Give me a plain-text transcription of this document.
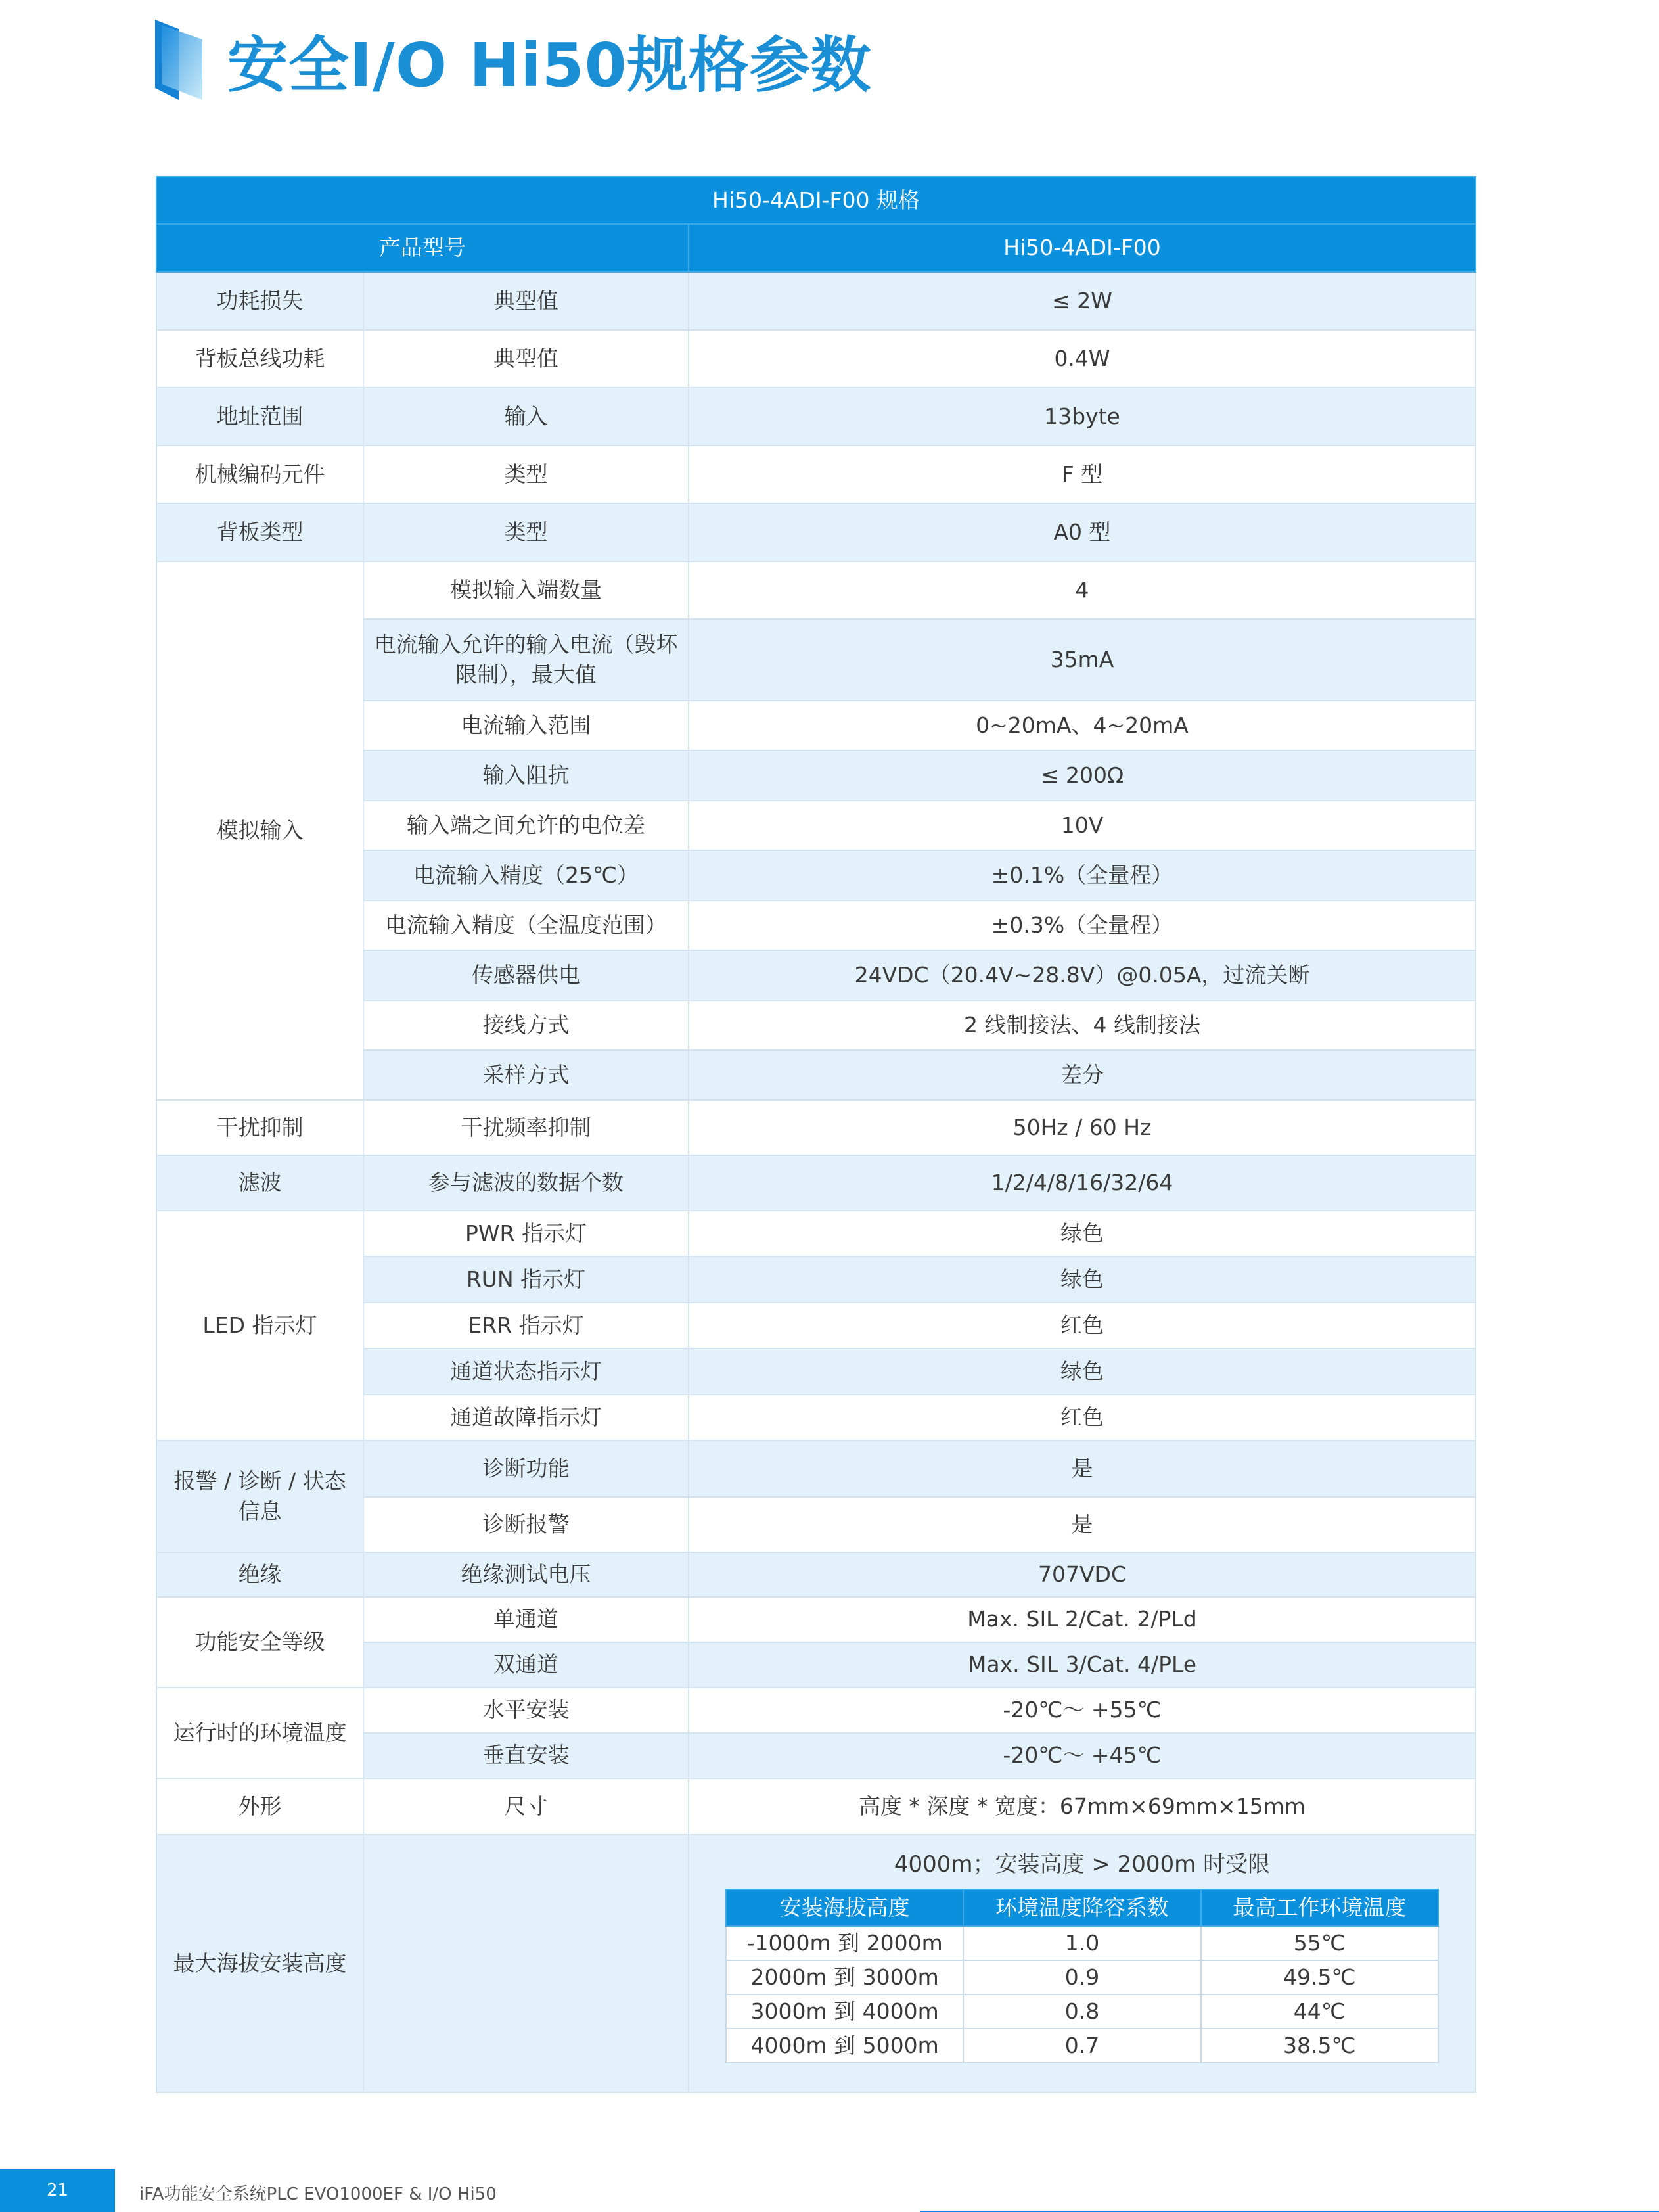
安全I/O Hi50规格参数
Hi50-4ADI-F00 规格
产品型号	Hi50-4ADI-F00
功耗损失	典型值	≤ 2W
背板总线功耗	典型值	0.4W
地址范围	输入	13byte
机械编码元件	类型	F 型
背板类型	类型	A0 型
模拟输入	模拟输入端数量	4
电流输入允许的输入电流（毁坏限制），最大值	35mA
电流输入范围	0~20mA、4~20mA
输入阻抗	≤ 200Ω
输入端之间允许的电位差	10V
电流输入精度（25℃）	±0.1%（全量程）
电流输入精度（全温度范围）	±0.3%（全量程）
传感器供电	24VDC（20.4V~28.8V）@0.05A，过流关断
接线方式	2 线制接法、4 线制接法
采样方式	差分
干扰抑制	干扰频率抑制	50Hz / 60 Hz
滤波	参与滤波的数据个数	1/2/4/8/16/32/64
LED 指示灯	PWR 指示灯	绿色
RUN 指示灯	绿色
ERR 指示灯	红色
通道状态指示灯	绿色
通道故障指示灯	红色
报警 / 诊断 / 状态信息	诊断功能	是
诊断报警	是
绝缘	绝缘测试电压	707VDC
功能安全等级	单通道	Max. SIL 2/Cat. 2/PLd
双通道	Max. SIL 3/Cat. 4/PLe
运行时的环境温度	水平安装	-20℃～ +55℃
垂直安装	-20℃～ +45℃
外形	尺寸	高度 * 深度 * 宽度：67mm×69mm×15mm
最大海拔安装高度		
4000m；安装高度 > 2000m 时受限
安装海拔高度	环境温度降容系数	最高工作环境温度
-1000m 到 2000m	1.0	55℃
2000m 到 3000m	0.9	49.5℃
3000m 到 4000m	0.8	44℃
4000m 到 5000m	0.7	38.5℃
21	iFA功能安全系统PLC EVO1000EF & I/O Hi50
